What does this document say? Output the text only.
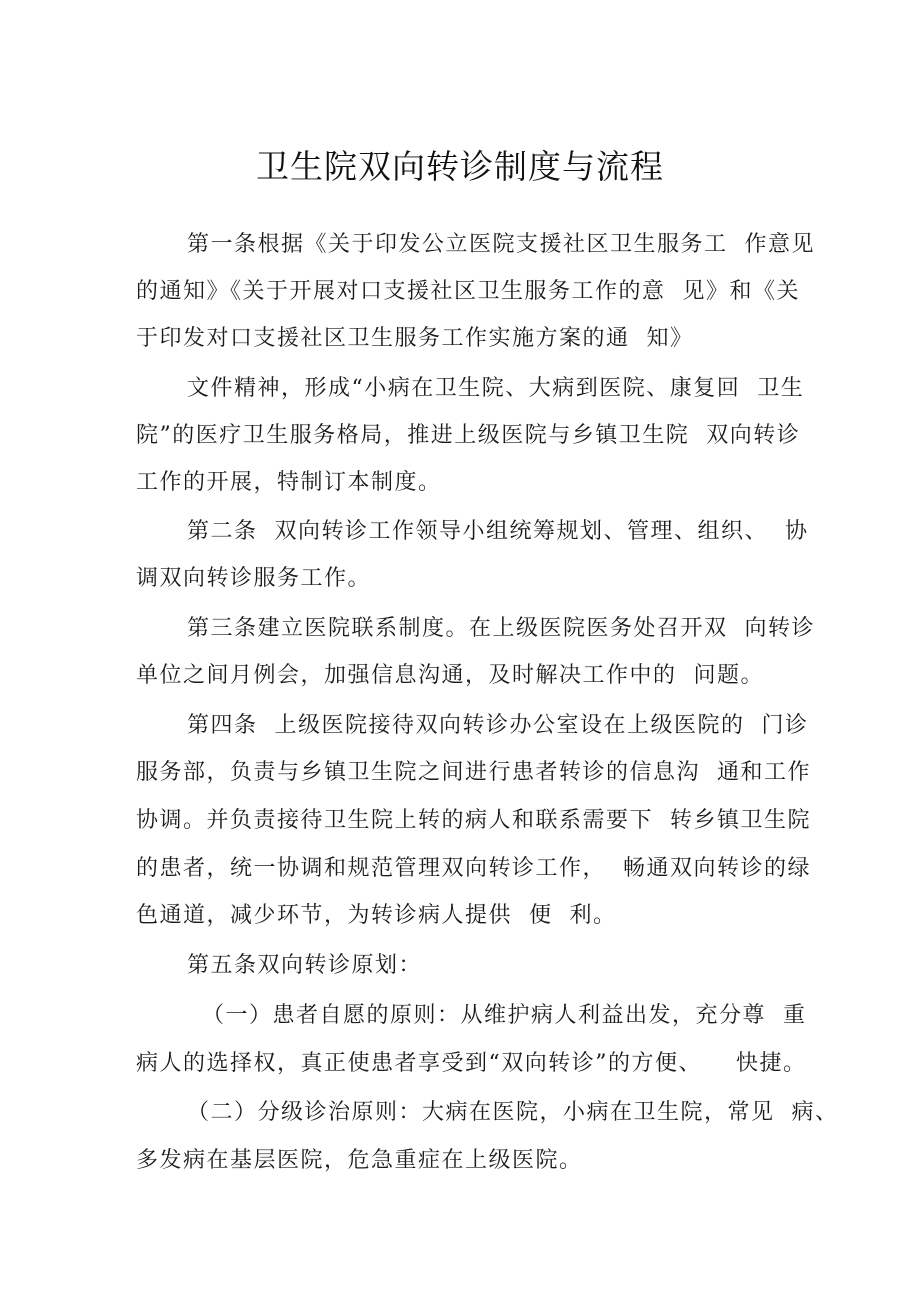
卫生院双向转诊制度与流程
第一条根据《关于印发公立医院支援社区卫生服务工  作意见
的通知》《关于开展对口支援社区卫生服务工作的意  见》和《关
于印发对口支援社区卫生服务工作实施方案的通  知》
文件精神，形成“小病在卫生院、大病到医院、康复回  卫生
院”的医疗卫生服务格局，推进上级医院与乡镇卫生院  双向转诊
工作的开展，特制订本制度。
第二条  双向转诊工作领导小组统筹规划、管理、组织、  协
调双向转诊服务工作。
第三条建立医院联系制度。在上级医院医务处召开双  向转诊
单位之间月例会，加强信息沟通，及时解决工作中的  问题。
第四条  上级医院接待双向转诊办公室设在上级医院的  门诊
服务部，负责与乡镇卫生院之间进行患者转诊的信息沟  通和工作
协调。并负责接待卫生院上转的病人和联系需要下  转乡镇卫生院
的患者，统一协调和规范管理双向转诊工作，  畅通双向转诊的绿
色通道，减少环节，为转诊病人提供  便  利。
第五条双向转诊原划：
（一）患者自愿的原则：从维护病人利益出发，充分尊  重
病人的选择权，真正使患者享受到“双向转诊”的方便、    快捷。
（二）分级诊治原则：大病在医院，小病在卫生院，常见  病、
多发病在基层医院，危急重症在上级医院。
